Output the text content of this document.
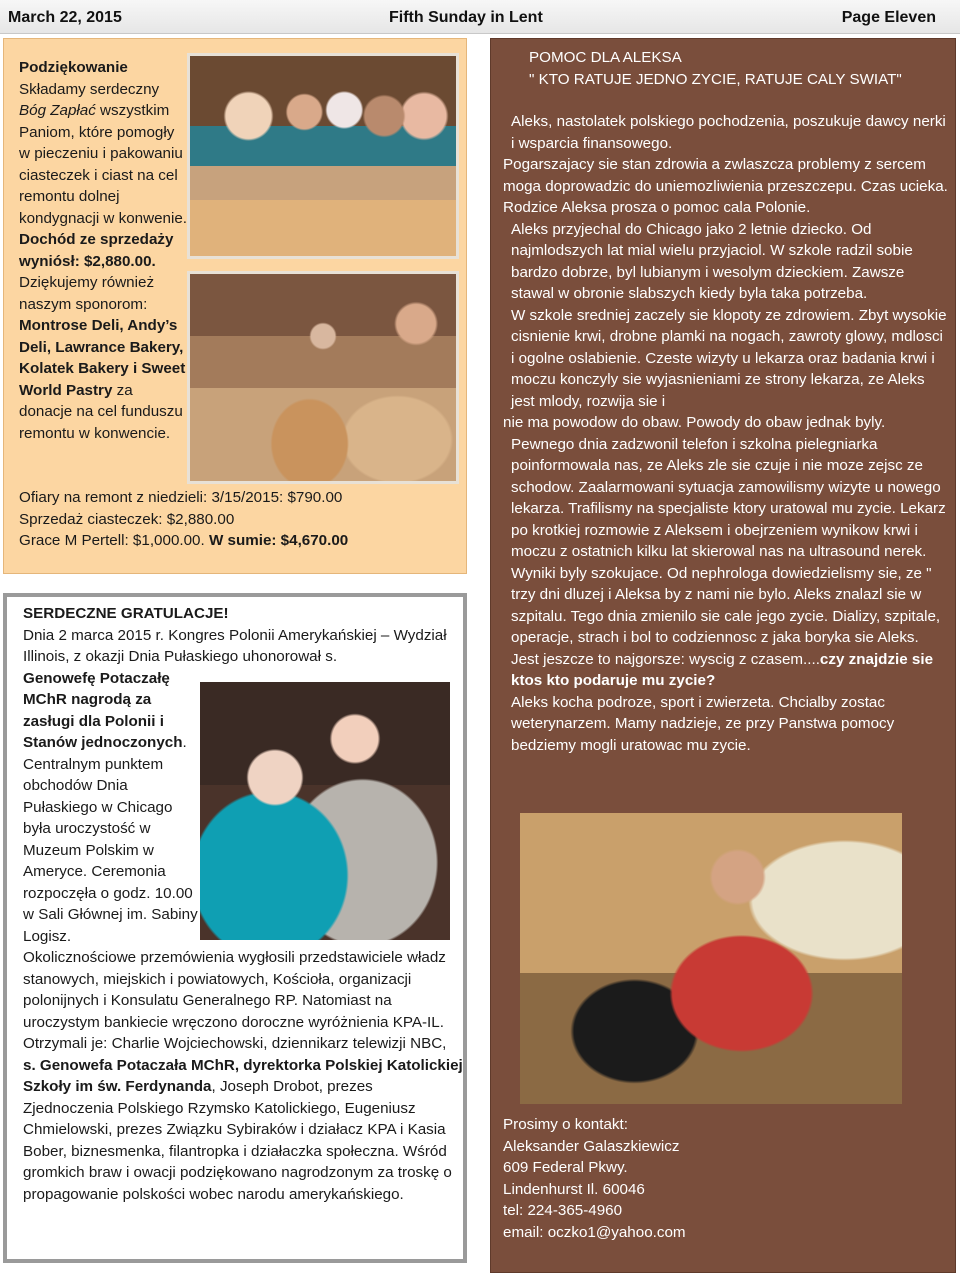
March 22, 2015	Fifth Sunday in Lent	Page Eleven
Podziękowanie
Składamy serdeczny
Bóg Zapłać wszystkim Paniom, które pomogły w pieczeniu i pakowaniu ciasteczek i ciast na cel remontu dolnej kondygnacji w konwenie. Dochód ze sprzedaży wyniósł: $2,880.00. Dziękujemy również naszym sponorom: Montrose Deli, Andy’s Deli, Lawrance Bakery, Kolatek Bakery i Sweet World Pastry za donacje na cel funduszu remontu w konwencie.
Ofiary na remont z niedzieli: 3/15/2015: $790.00
Sprzedaż ciasteczek: $2,880.00
Grace M Pertell: $1,000.00. W sumie: $4,670.00
SERDECZNE GRATULACJE!
Dnia 2 marca 2015 r. Kongres Polonii Amerykańskiej – Wydział Illinois, z okazji Dnia Pułaskiego uhonorował s.
Genowefę Potaczałę MChR nagrodą za zasługi dla Polonii i Stanów jednoczonych. Centralnym punktem obchodów Dnia Pułaskiego w Chicago była uroczystość w Muzeum Polskim w Ameryce. Ceremonia rozpoczęła o godz. 10.00 w Sali Głównej im. Sabiny Logisz.
Okolicznościowe przemówienia wygłosili przedstawiciele władz stanowych, miejskich i powiatowych, Kościoła, organizacji polonijnych i Konsulatu Generalnego RP. Natomiast na uroczystym bankiecie wręczono doroczne wyróżnienia KPA-IL.
Otrzymali je: Charlie Wojciechowski, dziennikarz telewizji NBC, s. Genowefa Potaczała MChR, dyrektorka Polskiej Katolickiej Szkoły im św. Ferdynanda, Joseph Drobot, prezes Zjednoczenia Polskiego Rzymsko Katolickiego, Eugeniusz Chmielowski, prezes Związku Sybiraków i działacz KPA i Kasia Bober, biznesmenka, filantropka i działaczka społeczna. Wśród gromkich braw i owacji podziękowano nagrodzonym za troskę o propagowanie polskości wobec narodu amerykańskiego.
POMOC DLA ALEKSA
" KTO RATUJE JEDNO ZYCIE, RATUJE CALY SWIAT"
Aleks, nastolatek polskiego pochodzenia, poszukuje dawcy nerki i wsparcia finansowego.
Pogarszajacy sie stan zdrowia a zwlaszcza problemy z sercem moga doprowadzic do uniemozliwienia przeszczepu. Czas ucieka. Rodzice Aleksa prosza o pomoc cala Polonie.
Aleks przyjechal do Chicago jako 2 letnie dziecko. Od najmlodszych lat mial wielu przyjaciol. W szkole radzil sobie bardzo dobrze, byl lubianym i wesolym dzieckiem. Zawsze stawal w obronie slabszych kiedy byla taka potrzeba.
W szkole sredniej zaczely sie klopoty ze zdrowiem. Zbyt wysokie cisnienie krwi, drobne plamki na nogach, zawroty glowy, mdlosci i ogolne oslabienie. Czeste wizyty u lekarza oraz badania krwi i moczu konczyly sie wyjasnieniami ze strony lekarza, ze Aleks jest mlody, rozwija sie i
nie ma powodow do obaw. Powody do obaw jednak byly.
Pewnego dnia zadzwonil telefon i szkolna pielegniarka poinformowala nas, ze Aleks zle sie czuje i nie moze zejsc ze schodow. Zaalarmowani sytuacja zamowilismy wizyte u nowego lekarza. Trafilismy na specjaliste ktory uratowal mu zycie. Lekarz po krotkiej rozmowie z Aleksem i obejrzeniem wynikow krwi i moczu z ostatnich kilku lat skierowal nas na ultrasound nerek. Wyniki byly szokujace. Od nephrologa dowiedzielismy sie, ze " trzy dni dluzej i Aleksa by z nami nie bylo. Aleks znalazl sie w szpitalu. Tego dnia zmienilo sie cale jego zycie. Dializy, szpitale, operacje, strach i bol to codziennosc z jaka boryka sie Aleks. Jest jeszcze to najgorsze: wyscig z czasem....czy znajdzie sie ktos kto podaruje mu zycie?
Aleks kocha podroze, sport i zwierzeta. Chcialby zostac weterynarzem. Mamy nadzieje, ze przy Panstwa pomocy bedziemy mogli uratowac mu zycie.
Prosimy o kontakt:
Aleksander Galaszkiewicz
609 Federal Pkwy.
Lindenhurst Il. 60046
tel: 224-365-4960
email: oczko1@yahoo.com
